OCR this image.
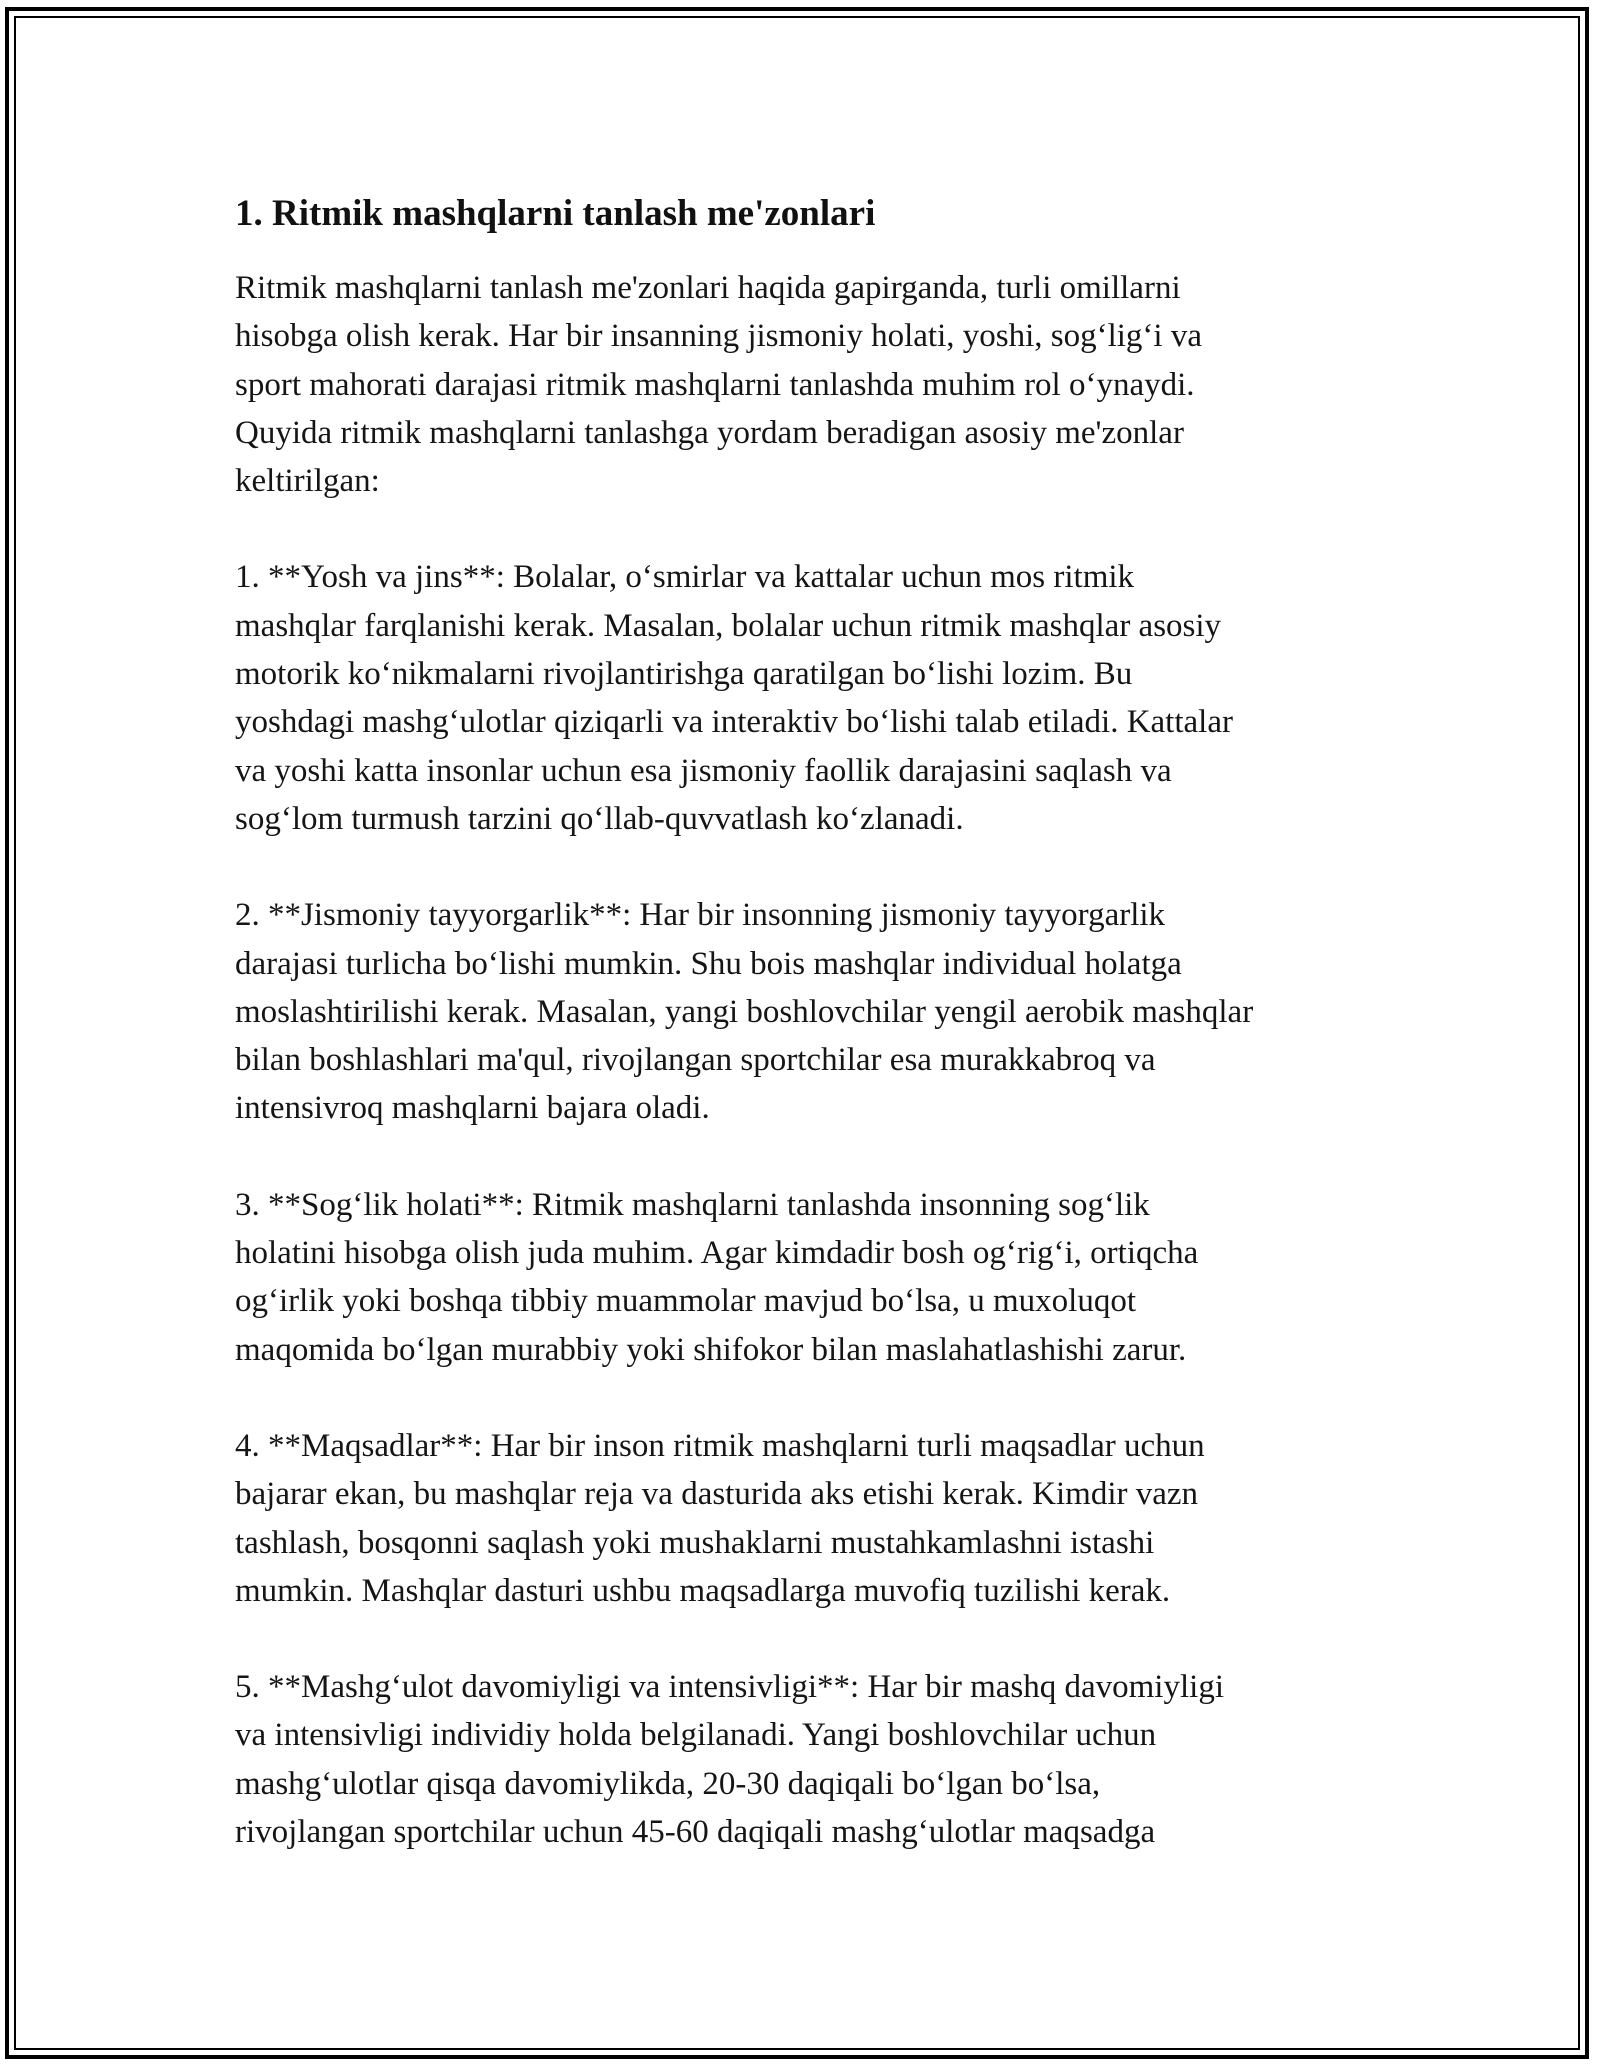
1. Ritmik mashqlarni tanlash me'zonlari

Ritmik mashqlarni tanlash me'zonlari haqida gapirganda, turli omillarni
hisobga olish kerak. Har bir insanning jismoniy holati, yoshi, sog‘lig‘i va
sport mahorati darajasi ritmik mashqlarni tanlashda muhim rol o‘ynaydi.
Quyida ritmik mashqlarni tanlashga yordam beradigan asosiy me'zonlar
keltirilgan:

1. **Yosh va jins**: Bolalar, o‘smirlar va kattalar uchun mos ritmik
mashqlar farqlanishi kerak. Masalan, bolalar uchun ritmik mashqlar asosiy
motorik ko‘nikmalarni rivojlantirishga qaratilgan bo‘lishi lozim. Bu
yoshdagi mashg‘ulotlar qiziqarli va interaktiv bo‘lishi talab etiladi. Kattalar
va yoshi katta insonlar uchun esa jismoniy faollik darajasini saqlash va
sog‘lom turmush tarzini qo‘llab-quvvatlash ko‘zlanadi.

2. **Jismoniy tayyorgarlik**: Har bir insonning jismoniy tayyorgarlik
darajasi turlicha bo‘lishi mumkin. Shu bois mashqlar individual holatga
moslashtirilishi kerak. Masalan, yangi boshlovchilar yengil aerobik mashqlar
bilan boshlashlari ma'qul, rivojlangan sportchilar esa murakkabroq va
intensivroq mashqlarni bajara oladi.

3. **Sog‘lik holati**: Ritmik mashqlarni tanlashda insonning sog‘lik
holatini hisobga olish juda muhim. Agar kimdadir bosh og‘rig‘i, ortiqcha
og‘irlik yoki boshqa tibbiy muammolar mavjud bo‘lsa, u muxoluqot
maqomida bo‘lgan murabbiy yoki shifokor bilan maslahatlashishi zarur.

4. **Maqsadlar**: Har bir inson ritmik mashqlarni turli maqsadlar uchun
bajarar ekan, bu mashqlar reja va dasturida aks etishi kerak. Kimdir vazn
tashlash, bosqonni saqlash yoki mushaklarni mustahkamlashni istashi
mumkin. Mashqlar dasturi ushbu maqsadlarga muvofiq tuzilishi kerak.

5. **Mashg‘ulot davomiyligi va intensivligi**: Har bir mashq davomiyligi
va intensivligi individiy holda belgilanadi. Yangi boshlovchilar uchun
mashg‘ulotlar qisqa davomiylikda, 20-30 daqiqali bo‘lgan bo‘lsa,
rivojlangan sportchilar uchun 45-60 daqiqali mashg‘ulotlar maqsadga
